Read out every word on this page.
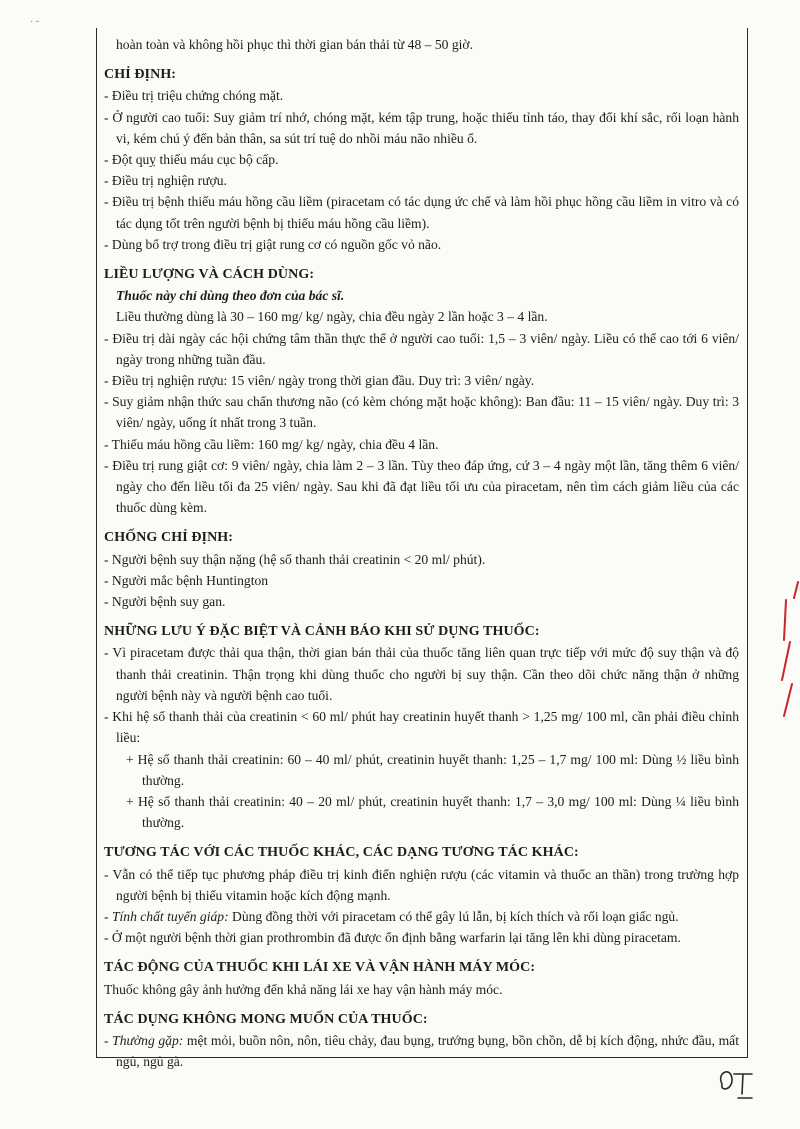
˙ ˘

hoàn toàn và không hồi phục thì thời gian bán thải từ 48 – 50 giờ.

CHỈ ĐỊNH:

- Điều trị triệu chứng chóng mặt.

- Ở người cao tuổi: Suy giảm trí nhớ, chóng mặt, kém tập trung, hoặc thiếu tỉnh táo, thay đổi khí sắc, rối loạn hành vi, kém chú ý đến bản thân, sa sút trí tuệ do nhồi máu não nhiều ổ.

- Đột quỵ thiếu máu cục bộ cấp.

- Điều trị nghiện rượu.

- Điều trị bệnh thiếu máu hồng cầu liềm (piracetam có tác dụng ức chế và làm hồi phục hồng cầu liềm in vitro và có tác dụng tốt trên người bệnh bị thiếu máu hồng cầu liềm).

- Dùng bổ trợ trong điều trị giật rung cơ có nguồn gốc vỏ não.

LIỀU LƯỢNG VÀ CÁCH DÙNG:

Thuốc này chỉ dùng theo đơn của bác sĩ.

Liều thường dùng là 30 – 160 mg/ kg/ ngày, chia đều ngày 2 lần hoặc 3 – 4 lần.

- Điều trị dài ngày các hội chứng tâm thần thực thể ở người cao tuổi: 1,5 – 3 viên/ ngày. Liều có thể cao tới 6 viên/ ngày trong những tuần đầu.

- Điều trị nghiện rượu: 15 viên/ ngày trong thời gian đầu. Duy trì: 3 viên/ ngày.

- Suy giảm nhận thức sau chấn thương não (có kèm chóng mặt hoặc không): Ban đầu: 11 – 15 viên/ ngày. Duy trì: 3 viên/ ngày, uống ít nhất trong 3 tuần.

- Thiếu máu hồng cầu liềm: 160 mg/ kg/ ngày, chia đều 4 lần.

- Điều trị rung giật cơ: 9 viên/ ngày, chia làm 2 – 3 lần. Tùy theo đáp ứng, cứ 3 – 4 ngày một lần, tăng thêm 6 viên/ ngày cho đến liều tối đa 25 viên/ ngày. Sau khi đã đạt liều tối ưu của piracetam, nên tìm cách giảm liều của các thuốc dùng kèm.

CHỐNG CHỈ ĐỊNH:

- Người bệnh suy thận nặng (hệ số thanh thải creatinin < 20 ml/ phút).

- Người mắc bệnh Huntington

- Người bệnh suy gan.

NHỮNG LƯU Ý ĐẶC BIỆT VÀ CẢNH BÁO KHI SỬ DỤNG THUỐC:

- Vì piracetam được thải qua thận, thời gian bán thải của thuốc tăng liên quan trực tiếp với mức độ suy thận và độ thanh thải creatinin. Thận trọng khi dùng thuốc cho người bị suy thận. Cần theo dõi chức năng thận ở những người bệnh này và người bệnh cao tuổi.

- Khi hệ số thanh thải của creatinin < 60 ml/ phút hay creatinin huyết thanh > 1,25 mg/ 100 ml, cần phải điều chỉnh liều:

+ Hệ số thanh thải creatinin: 60 – 40 ml/ phút, creatinin huyết thanh: 1,25 – 1,7 mg/ 100 ml: Dùng ½ liều bình thường.

+ Hệ số thanh thải creatinin: 40 – 20 ml/ phút, creatinin huyết thanh: 1,7 – 3,0 mg/ 100 ml: Dùng ¼ liều bình thường.

TƯƠNG TÁC VỚI CÁC THUỐC KHÁC, CÁC DẠNG TƯƠNG TÁC KHÁC:

- Vẫn có thể tiếp tục phương pháp điều trị kinh điển nghiện rượu (các vitamin và thuốc an thần) trong trường hợp người bệnh bị thiếu vitamin hoặc kích động mạnh.

- Tính chất tuyến giáp: Dùng đồng thời với piracetam có thể gây lú lẫn, bị kích thích và rối loạn giấc ngủ.

- Ở một người bệnh thời gian prothrombin đã được ổn định bằng warfarin lại tăng lên khi dùng piracetam.

TÁC ĐỘNG CỦA THUỐC KHI LÁI XE VÀ VẬN HÀNH MÁY MÓC:

Thuốc không gây ảnh hưởng đến khả năng lái xe hay vận hành máy móc.

TÁC DỤNG KHÔNG MONG MUỐN CỦA THUỐC:

- Thường gặp: mệt mỏi, buồn nôn, nôn, tiêu chảy, đau bụng, trướng bụng, bồn chồn, dễ bị kích động, nhức đầu, mất ngủ, ngủ gà.
